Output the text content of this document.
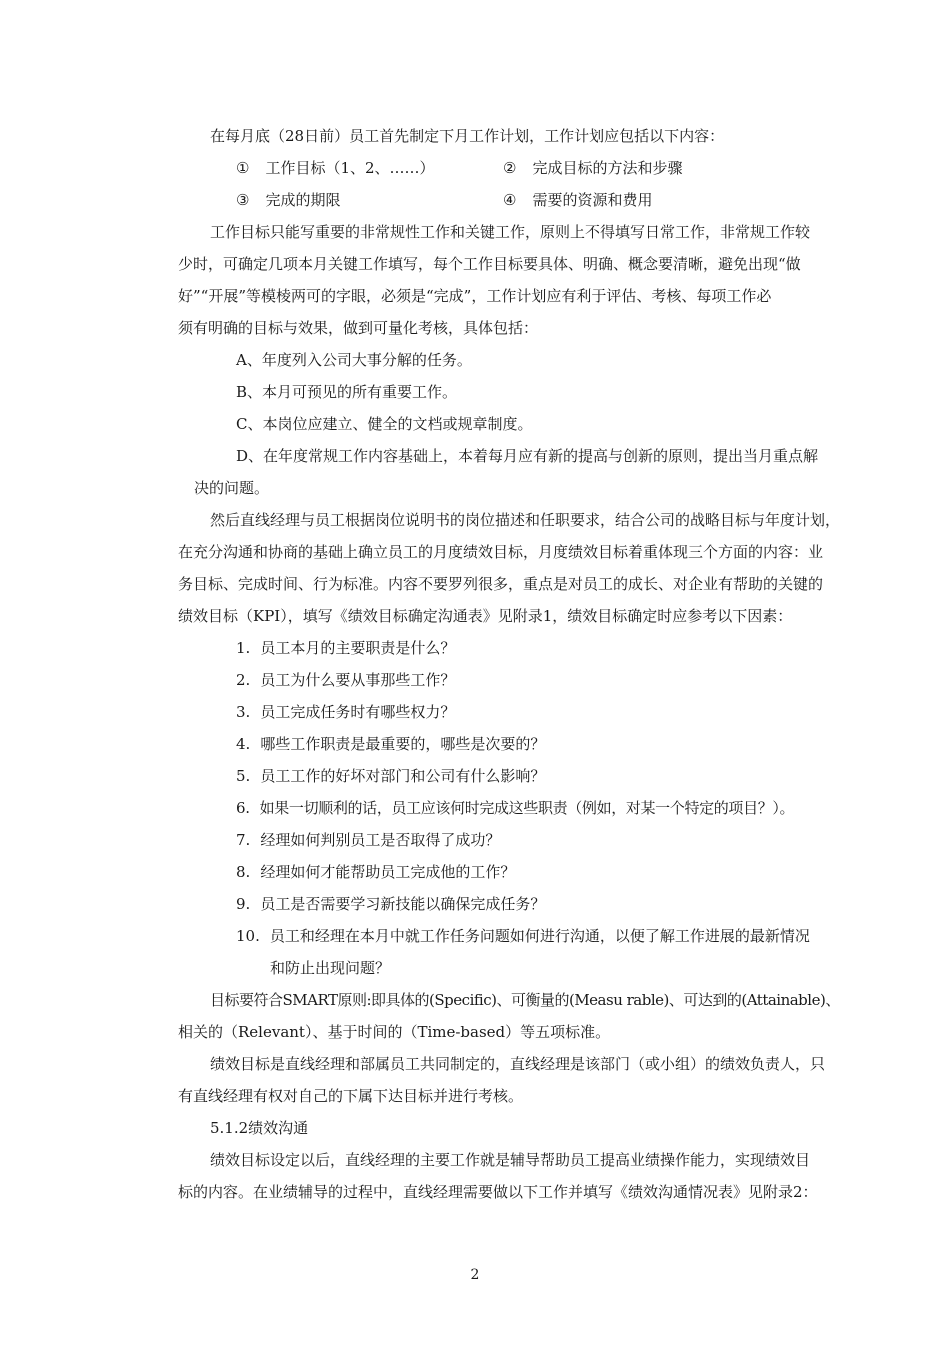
在每月底（28日前）员工首先制定下月工作计划，工作计划应包括以下内容：
① 工作目标（1、2、……）	② 完成目标的方法和步骤
③ 完成的期限	④ 需要的资源和费用
工作目标只能写重要的非常规性工作和关键工作，原则上不得填写日常工作，非常规工作较
少时，可确定几项本月关键工作填写，每个工作目标要具体、明确、概念要清晰，避免出现“做
好”“开展”等模棱两可的字眼，必须是“完成”，工作计划应有利于评估、考核、每项工作必
须有明确的目标与效果，做到可量化考核，具体包括：
A、年度列入公司大事分解的任务。
B、本月可预见的所有重要工作。
C、本岗位应建立、健全的文档或规章制度。
D、在年度常规工作内容基础上，本着每月应有新的提高与创新的原则，提出当月重点解
决的问题。
然后直线经理与员工根据岗位说明书的岗位描述和任职要求，结合公司的战略目标与年度计划，
在充分沟通和协商的基础上确立员工的月度绩效目标，月度绩效目标着重体现三个方面的内容：业
务目标、完成时间、行为标准。内容不要罗列很多，重点是对员工的成长、对企业有帮助的关键的
绩效目标（KPI），填写《绩效目标确定沟通表》见附录1，绩效目标确定时应参考以下因素：
1. 员工本月的主要职责是什么？
2. 员工为什么要从事那些工作？
3. 员工完成任务时有哪些权力？
4. 哪些工作职责是最重要的，哪些是次要的？
5. 员工工作的好坏对部门和公司有什么影响？
6. 如果一切顺利的话，员工应该何时完成这些职责（例如，对某一个特定的项目？）。
7. 经理如何判别员工是否取得了成功？
8. 经理如何才能帮助员工完成他的工作？
9. 员工是否需要学习新技能以确保完成任务？
10. 员工和经理在本月中就工作任务问题如何进行沟通，以便了解工作进展的最新情况
和防止出现问题？
目标要符合SMART原则:即具体的(Specific)、可衡量的(Measu rable)、可达到的(Attainable)、
相关的（Relevant）、基于时间的（Time-based）等五项标准。
绩效目标是直线经理和部属员工共同制定的，直线经理是该部门（或小组）的绩效负责人，只
有直线经理有权对自己的下属下达目标并进行考核。
5.1.2绩效沟通
绩效目标设定以后，直线经理的主要工作就是辅导帮助员工提高业绩操作能力，实现绩效目
标的内容。在业绩辅导的过程中，直线经理需要做以下工作并填写《绩效沟通情况表》见附录2：
2
